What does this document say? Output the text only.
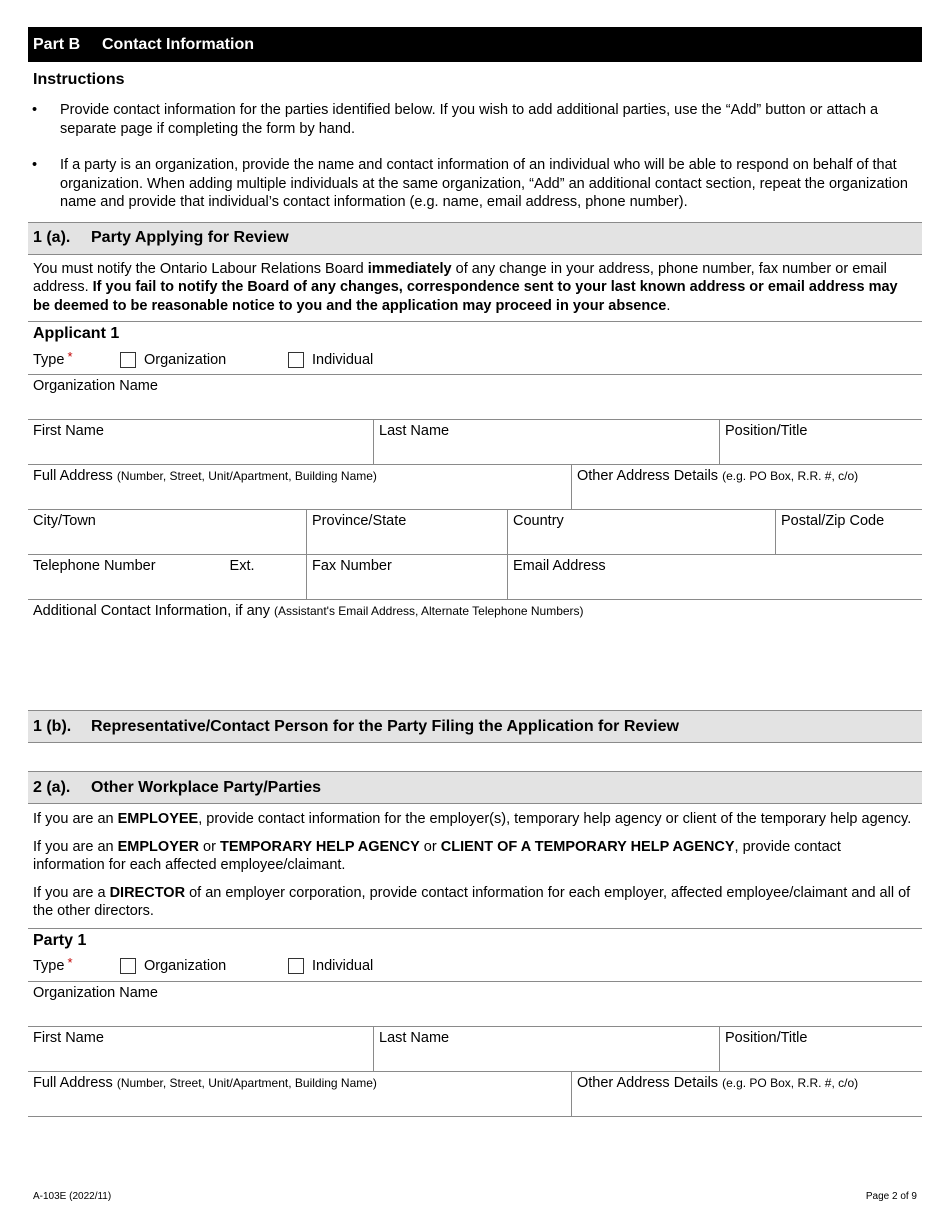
Part B	Contact Information
Instructions
• Provide contact information for the parties identified below. If you wish to add additional parties, use the “Add” button or attach a separate page if completing the form by hand.
• If a party is an organization, provide the name and contact information of an individual who will be able to respond on behalf of that organization. When adding multiple individuals at the same organization, “Add” an additional contact section, repeat the organization name and provide that individual’s contact information (e.g. name, email address, phone number).
1 (a).	Party Applying for Review
You must notify the Ontario Labour Relations Board immediately of any change in your address, phone number, fax number or email address. If you fail to notify the Board of any changes, correspondence sent to your last known address or email address may be deemed to be reasonable notice to you and the application may proceed in your absence.
Applicant 1
Type *	Organization	Individual
Organization Name
First Name	Last Name	Position/Title
Full Address (Number, Street, Unit/Apartment, Building Name)	Other Address Details (e.g. PO Box, R.R. #, c/o)
City/Town	Province/State	Country	Postal/Zip Code
Telephone Number	Ext.	Fax Number	Email Address
Additional Contact Information, if any (Assistant's Email Address, Alternate Telephone Numbers)
1 (b).	Representative/Contact Person for the Party Filing the Application for Review
2 (a).	Other Workplace Party/Parties
If you are an EMPLOYEE, provide contact information for the employer(s), temporary help agency or client of the temporary help agency.
If you are an EMPLOYER or TEMPORARY HELP AGENCY or CLIENT OF A TEMPORARY HELP AGENCY, provide contact information for each affected employee/claimant.
If you are a DIRECTOR of an employer corporation, provide contact information for each employer, affected employee/claimant and all of the other directors.
Party 1
Type *	Organization	Individual
Organization Name
First Name	Last Name	Position/Title
Full Address (Number, Street, Unit/Apartment, Building Name)	Other Address Details (e.g. PO Box, R.R. #, c/o)
A-103E (2022/11)	Page 2 of 9
